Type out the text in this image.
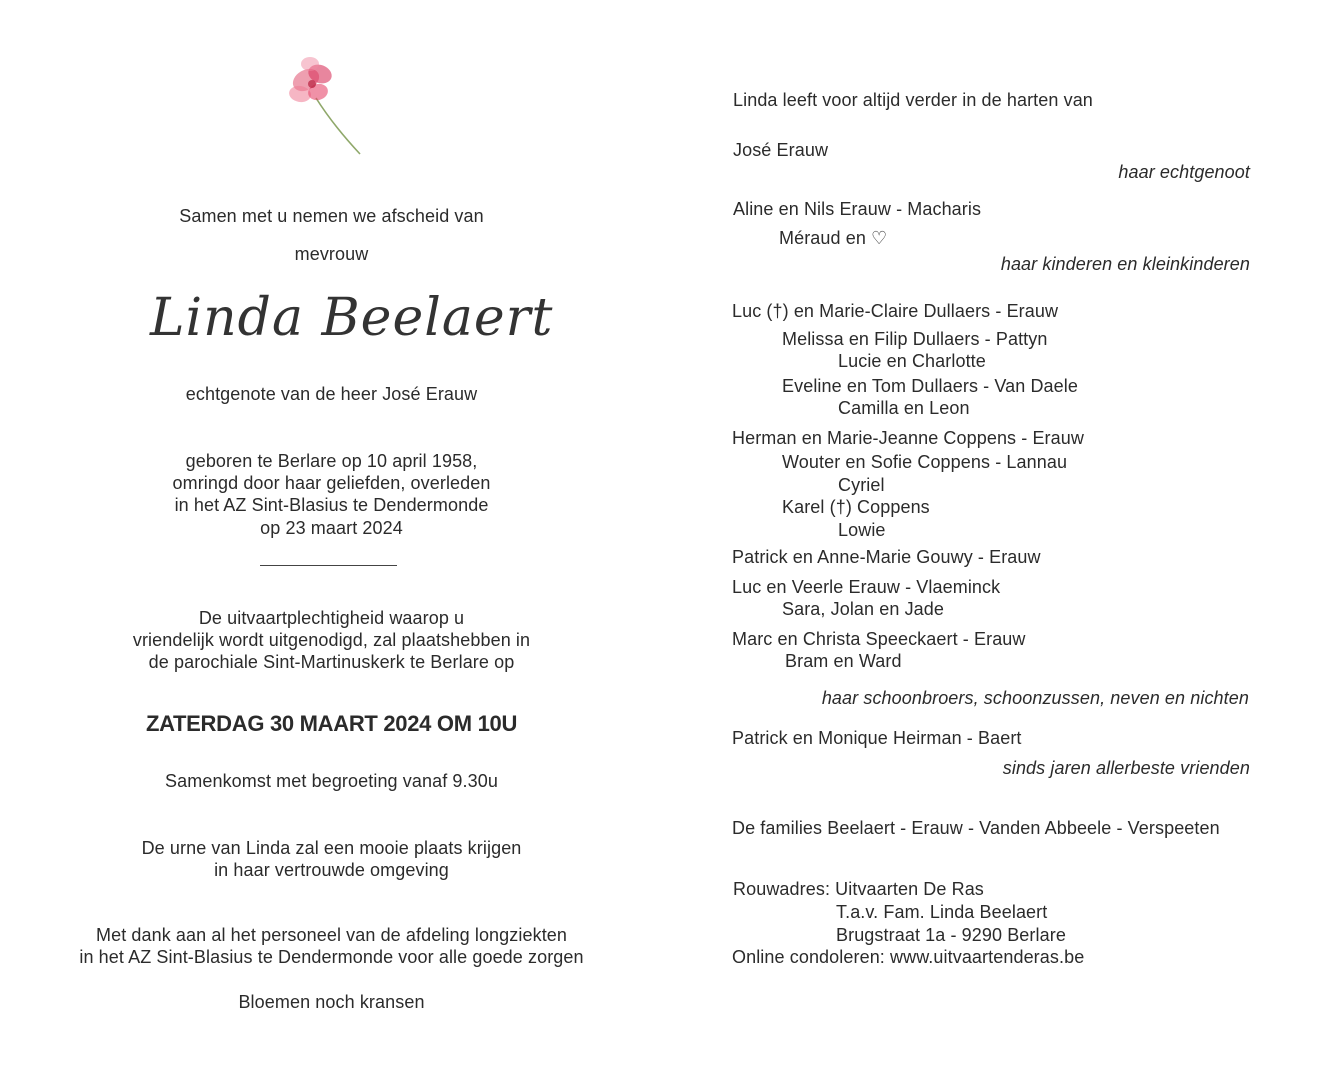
Samen met u nemen we afscheid van
mevrouw
Linda Beelaert
echtgenote van de heer José Erauw
geboren te Berlare op 10 april 1958,
omringd door haar geliefden, overleden
in het AZ Sint-Blasius te Dendermonde
op 23 maart 2024
De uitvaartplechtigheid waarop u
vriendelijk wordt uitgenodigd, zal plaatshebben in
de parochiale Sint-Martinuskerk te Berlare op
ZATERDAG 30 MAART 2024 OM 10U
Samenkomst met begroeting vanaf 9.30u
De urne van Linda zal een mooie plaats krijgen
in haar vertrouwde omgeving
Met dank aan al het personeel van de afdeling longziekten
in het AZ Sint-Blasius te Dendermonde voor alle goede zorgen
Bloemen noch kransen
Linda leeft voor altijd verder in de harten van
José Erauw
haar echtgenoot
Aline en Nils Erauw - Macharis
Méraud en ♡
haar kinderen en kleinkinderen
Luc (†) en Marie-Claire Dullaers - Erauw
Melissa en Filip Dullaers - Pattyn
Lucie en Charlotte
Eveline en Tom Dullaers - Van Daele
Camilla en Leon
Herman en Marie-Jeanne Coppens - Erauw
Wouter en Sofie Coppens - Lannau
Cyriel
Karel (†) Coppens
Lowie
Patrick en Anne-Marie Gouwy - Erauw
Luc en Veerle Erauw - Vlaeminck
Sara, Jolan en Jade
Marc en Christa Speeckaert - Erauw
Bram en Ward
haar schoonbroers, schoonzussen, neven en nichten
Patrick en Monique Heirman - Baert
sinds jaren allerbeste vrienden
De families Beelaert - Erauw - Vanden Abbeele - Verspeeten
Rouwadres: Uitvaarten De Ras
T.a.v. Fam. Linda Beelaert
Brugstraat 1a - 9290 Berlare
Online condoleren: www.uitvaartenderas.be
